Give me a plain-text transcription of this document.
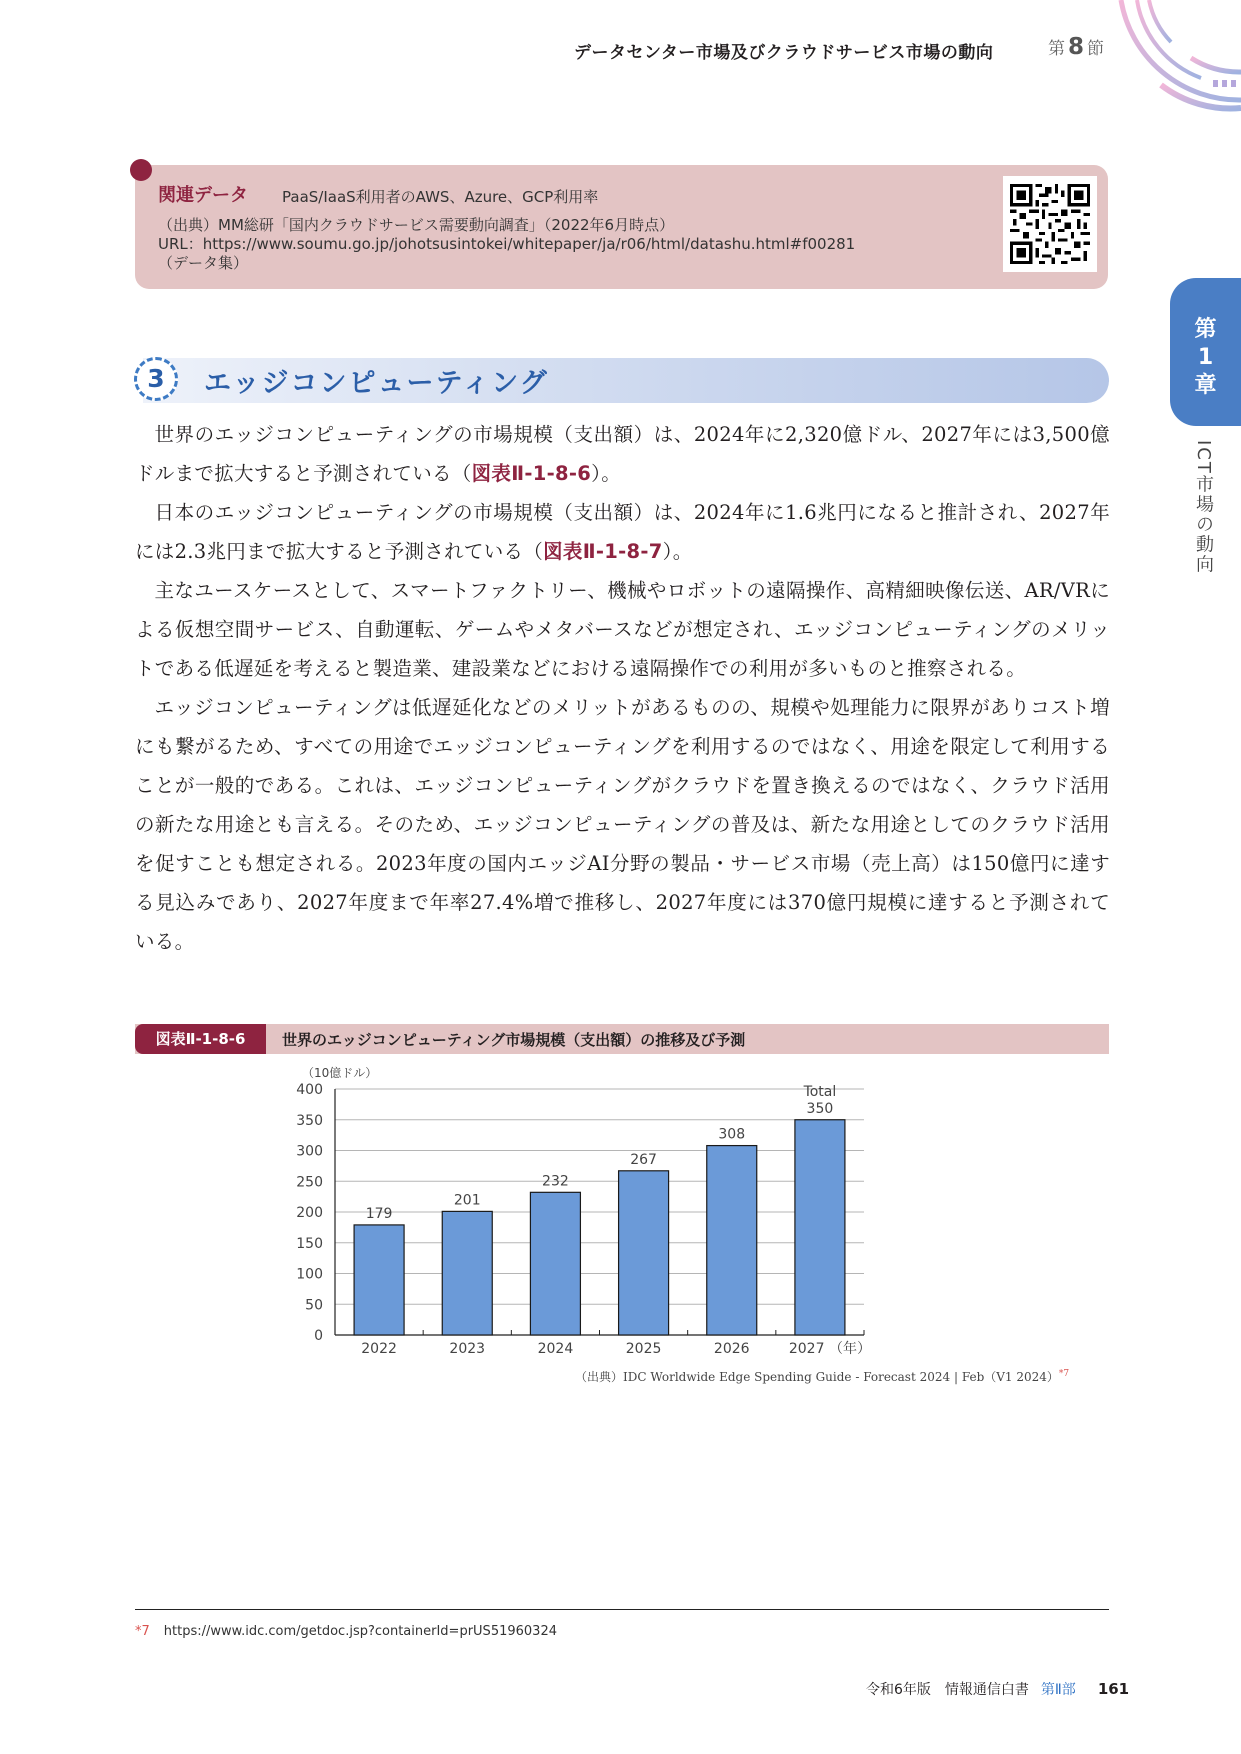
データセンター市場及びクラウドサービス市場の動向	第 8 節
関連データ PaaS/IaaS利用者のAWS、Azure、GCP利用率
（出典）MM総研「国内クラウドサービス需要動向調査」（2022年6月時点）
URL：https://www.soumu.go.jp/johotsusintokei/whitepaper/ja/r06/html/datashu.html#f00281
（データ集）
第
1
章
ICT市場の動向
3	エッジコンピューティング

世界のエッジコンピューティングの市場規模（支出額）は、2024年に2,320億ドル、2027年には3,500億ドルまで拡大すると予測されている（図表Ⅱ-1-8-6）。

日本のエッジコンピューティングの市場規模（支出額）は、2024年に1.6兆円になると推計され、2027年には2.3兆円まで拡大すると予測されている（図表Ⅱ-1-8-7）。

主なユースケースとして、スマートファクトリー、機械やロボットの遠隔操作、高精細映像伝送、AR/VRによる仮想空間サービス、自動運転、ゲームやメタバースなどが想定され、エッジコンピューティングのメリットである低遅延を考えると製造業、建設業などにおける遠隔操作での利用が多いものと推察される。

エッジコンピューティングは低遅延化などのメリットがあるものの、規模や処理能力に限界がありコスト増にも繋がるため、すべての用途でエッジコンピューティングを利用するのではなく、用途を限定して利用することが一般的である。これは、エッジコンピューティングがクラウドを置き換えるのではなく、クラウド活用の新たな用途とも言える。そのため、エッジコンピューティングの普及は、新たな用途としてのクラウド活用を促すことも想定される。2023年度の国内エッジAI分野の製品・サービス市場（売上高）は150億円に達する見込みであり、2027年度まで年率27.4%増で推移し、2027年度には370億円規模に達すると予測されている。

図表Ⅱ-1-8-6	世界のエッジコンピューティング市場規模（支出額）の推移及び予測
（10億ドル）
0
50
100
150
200
250
300
350
400
179
2022
201
2023
232
2024
267
2025
308
2026
350
2027 （年）
Total
（出典）IDC Worldwide Edge Spending Guide - Forecast 2024 | Feb（V1 2024）$^{*7}$
*7 https://www.idc.com/getdoc.jsp?containerId=prUS51960324
令和6年版　情報通信白書 第Ⅱ部 161
